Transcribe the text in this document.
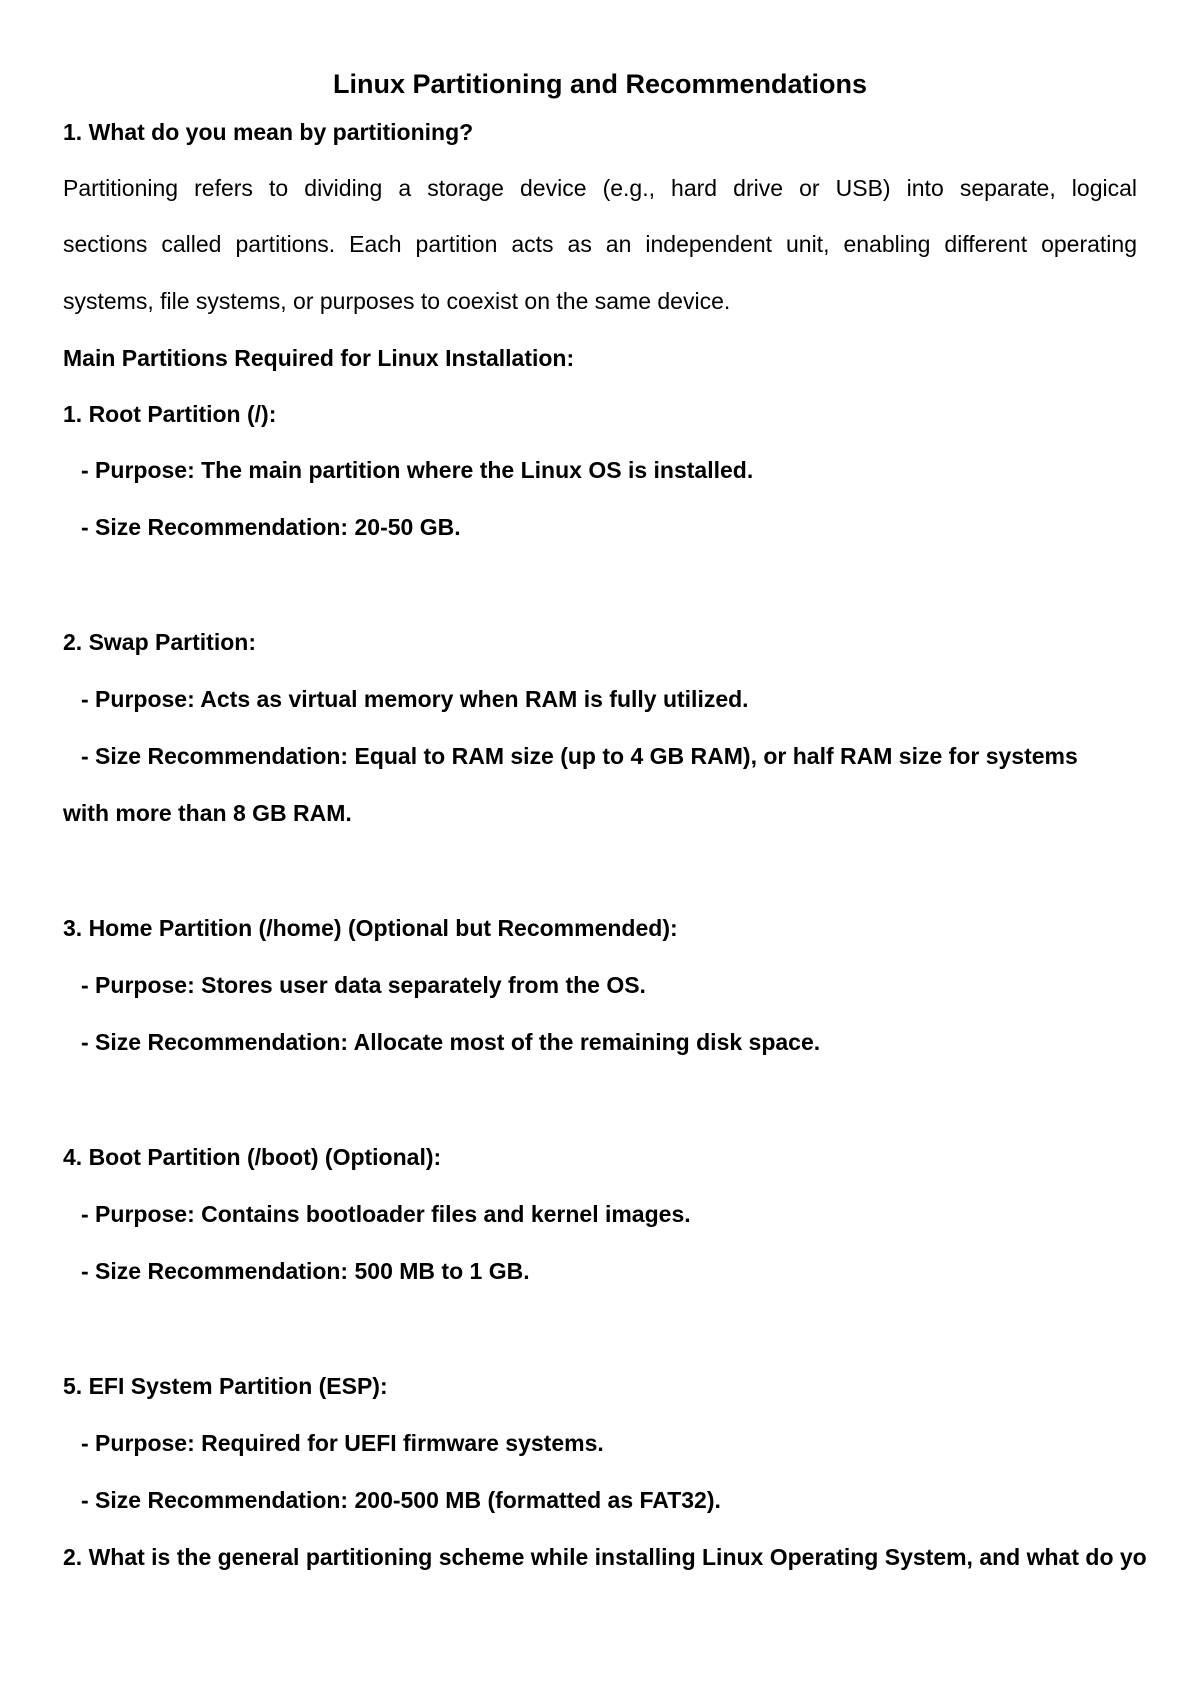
Linux Partitioning and Recommendations
1. What do you mean by partitioning?
Partitioning refers to dividing a storage device (e.g., hard drive or USB) into separate, logical
sections called partitions. Each partition acts as an independent unit, enabling different operating
systems, file systems, or purposes to coexist on the same device.
Main Partitions Required for Linux Installation:
1. Root Partition (/):
- Purpose: The main partition where the Linux OS is installed.
- Size Recommendation: 20-50 GB.
2. Swap Partition:
- Purpose: Acts as virtual memory when RAM is fully utilized.
- Size Recommendation: Equal to RAM size (up to 4 GB RAM), or half RAM size for systems
with more than 8 GB RAM.
3. Home Partition (/home) (Optional but Recommended):
- Purpose: Stores user data separately from the OS.
- Size Recommendation: Allocate most of the remaining disk space.
4. Boot Partition (/boot) (Optional):
- Purpose: Contains bootloader files and kernel images.
- Size Recommendation: 500 MB to 1 GB.
5. EFI System Partition (ESP):
- Purpose: Required for UEFI firmware systems.
- Size Recommendation: 200-500 MB (formatted as FAT32).
2. What is the general partitioning scheme while installing Linux Operating System, and what do yo
